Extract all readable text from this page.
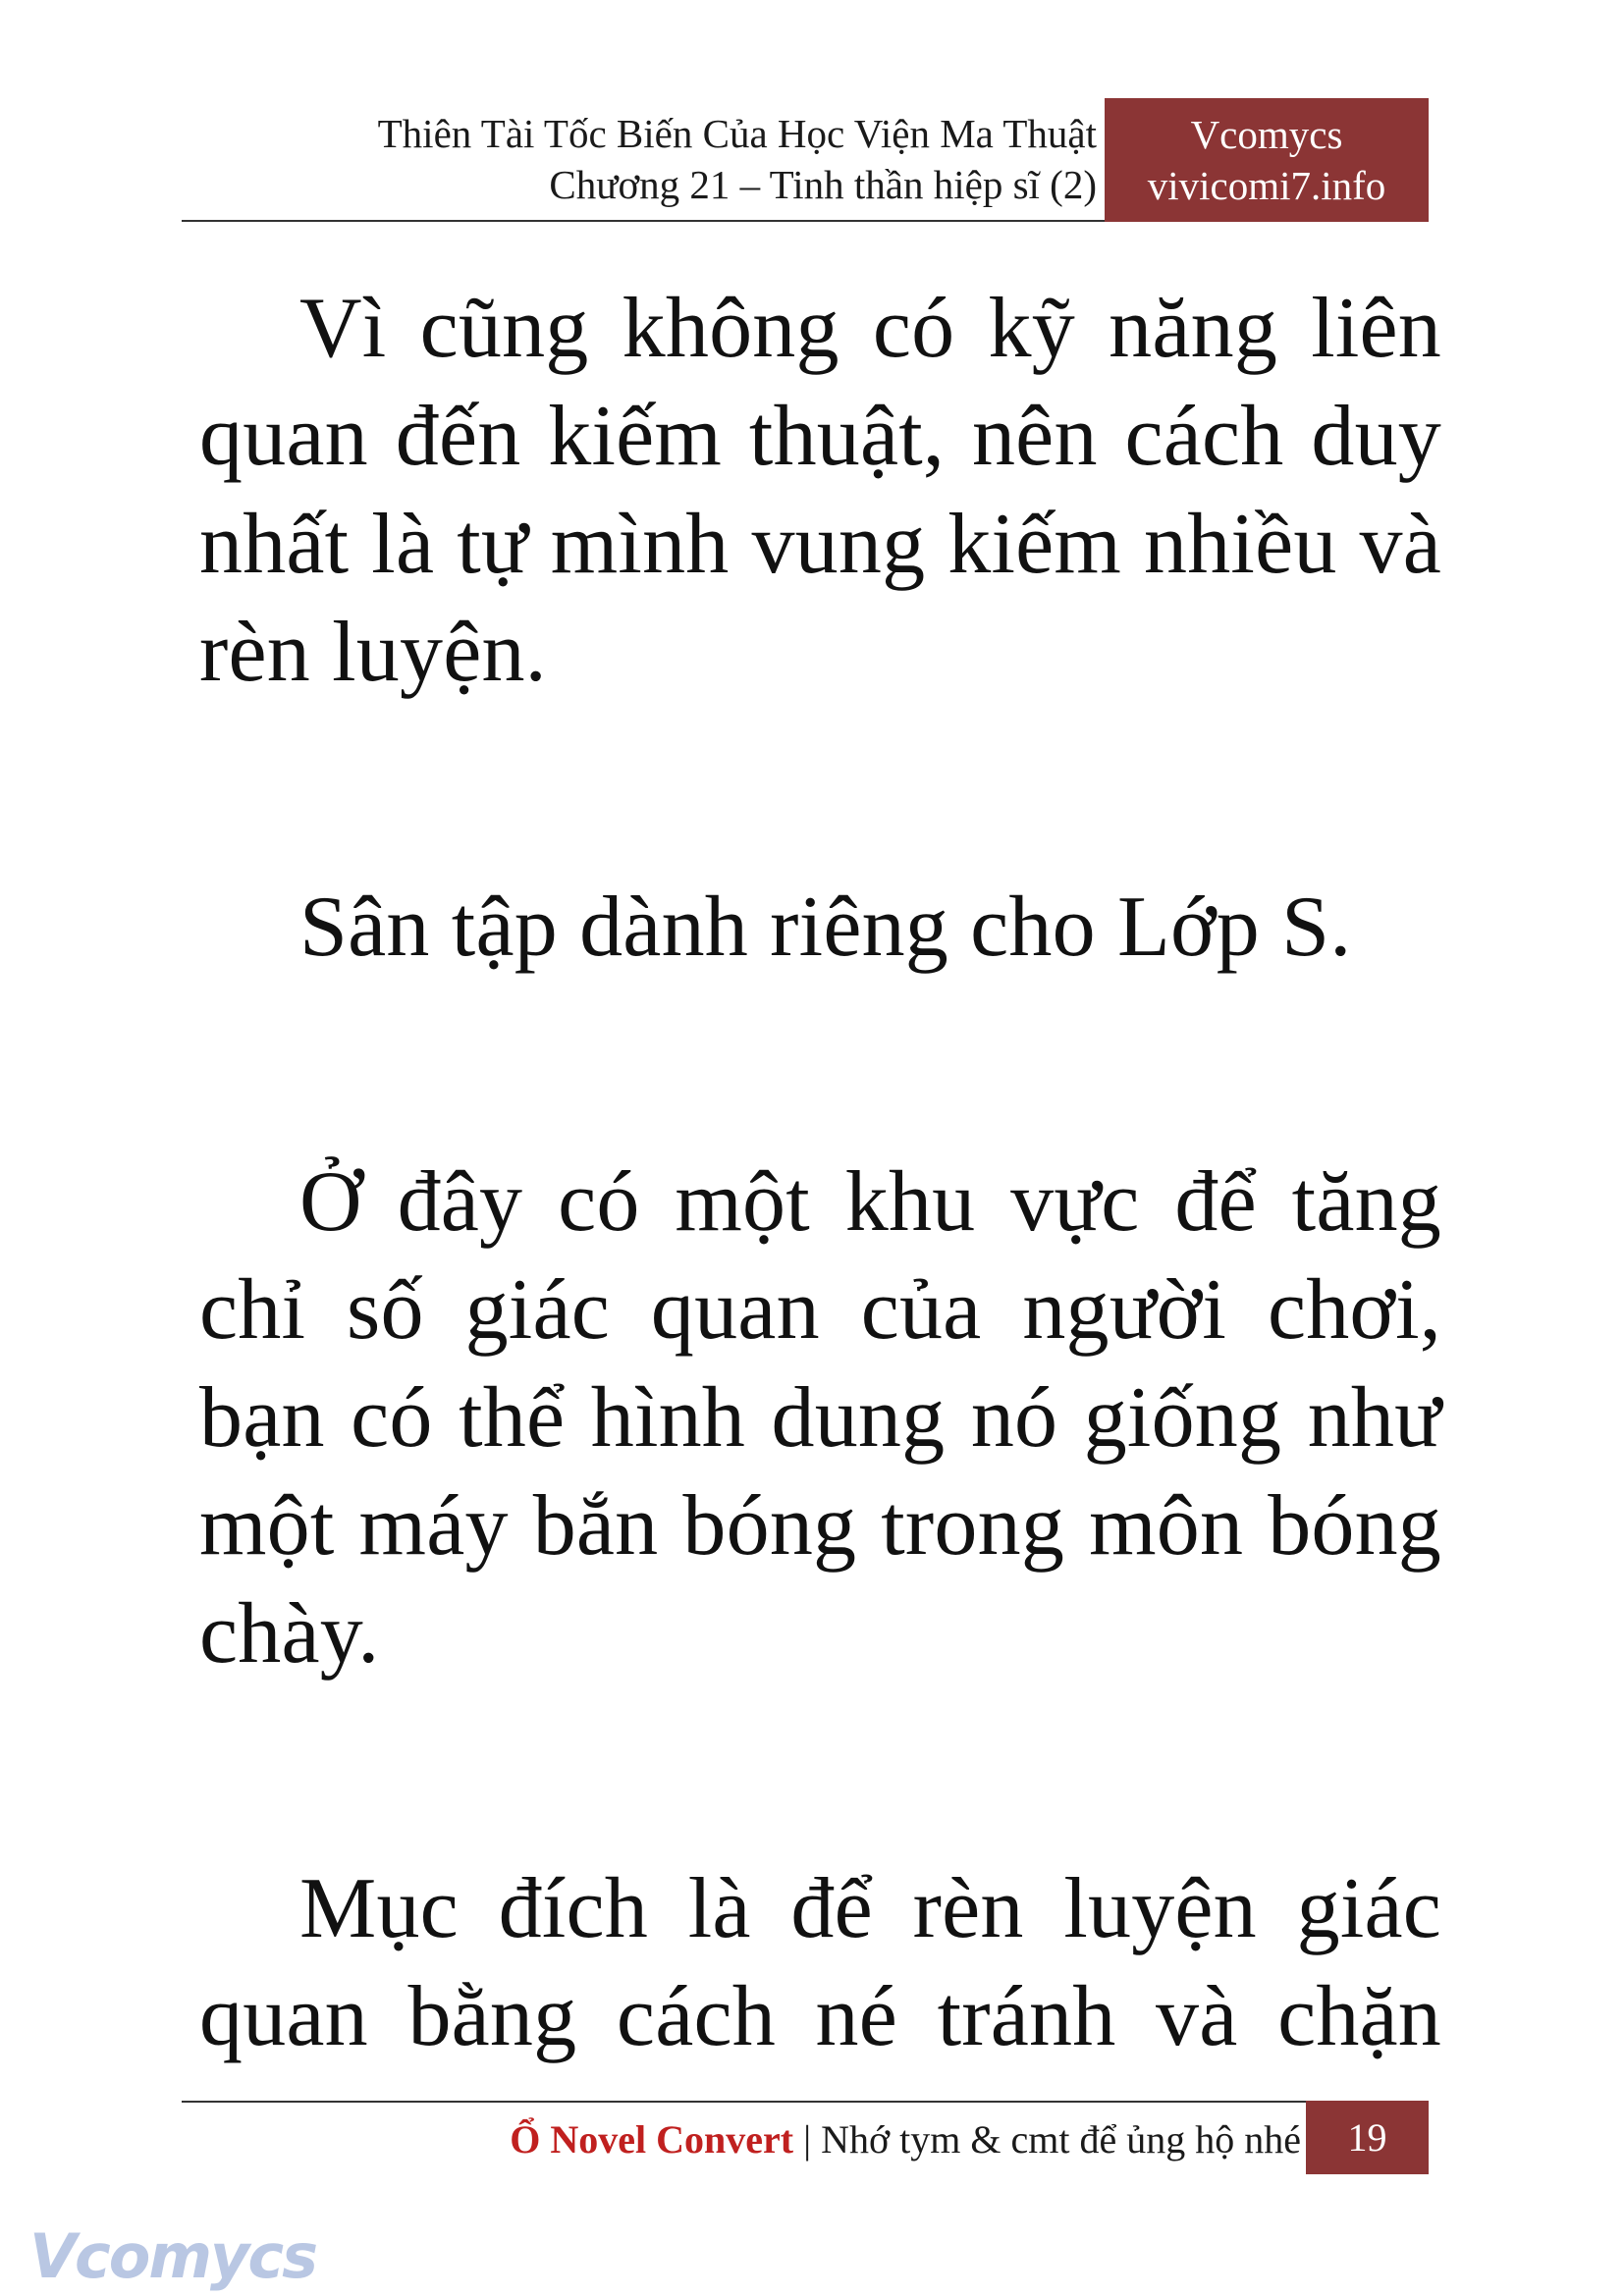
Thiên Tài Tốc Biến Của Học Viện Ma Thuật
Chương 21 – Tinh thần hiệp sĩ (2)
Vcomycs
vivicomi7.info

Vì cũng không có kỹ năng liên quan đến kiếm thuật, nên cách duy nhất là tự mình vung kiếm nhiều và rèn luyện.

Sân tập dành riêng cho Lớp S.

Ở đây có một khu vực để tăng chỉ số giác quan của người chơi, bạn có thể hình dung nó giống như một máy bắn bóng trong môn bóng chày.

Mục đích là để rèn luyện giác quan bằng cách né tránh và chặn

Ổ Novel Convert | Nhớ tym & cmt để ủng hộ nhé	19
Vcomycs
